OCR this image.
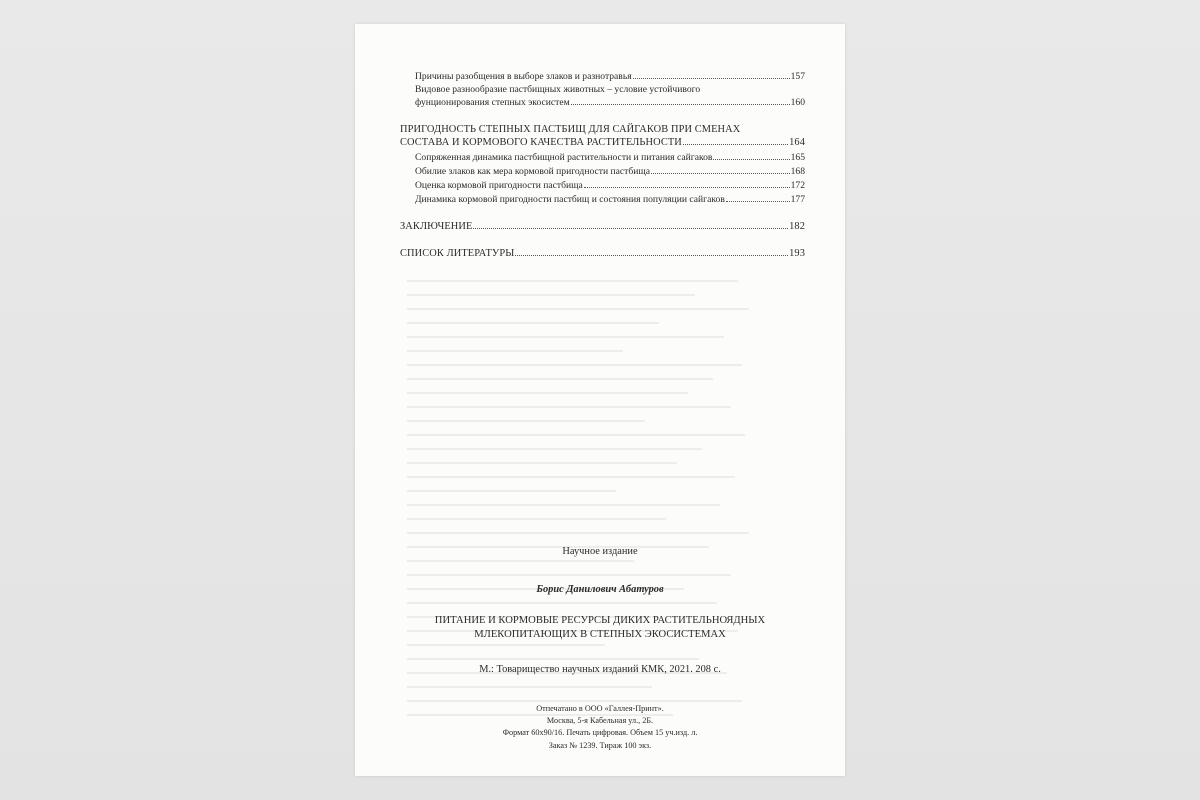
Причины разобщения в выборе злаков и разнотравья	157
Видовое разнообразие пастбищных животных – условие устойчивого
фунционирования степных экосистем	160
ПРИГОДНОСТЬ СТЕПНЫХ ПАСТБИЩ ДЛЯ САЙГАКОВ ПРИ СМЕНАХ
СОСТАВА И КОРМОВОГО КАЧЕСТВА РАСТИТЕЛЬНОСТИ	164
Сопряженная динамика пастбищной растительности и питания сайгаков	165
Обилие злаков как мера кормовой пригодности пастбища	168
Оценка кормовой пригодности пастбища	172
Динамика кормовой пригодности пастбищ и состояния популяции сайгаков	177
ЗАКЛЮЧЕНИЕ	182
СПИСОК ЛИТЕРАТУРЫ	193
Научное издание
Борис Данилович Абатуров
ПИТАНИЕ И КОРМОВЫЕ РЕСУРСЫ ДИКИХ РАСТИТЕЛЬНОЯДНЫХ
МЛЕКОПИТАЮЩИХ В СТЕПНЫХ ЭКОСИСТЕМАХ
М.: Товарищество научных изданий КМК, 2021. 208 с.
Отпечатано в ООО «Галлея-Принт».
Москва, 5-я Кабельная ул., 2Б.
Формат 60х90/16. Печать цифровая. Объем 15 уч.изд. л.
Заказ № 1239. Тираж 100 экз.
